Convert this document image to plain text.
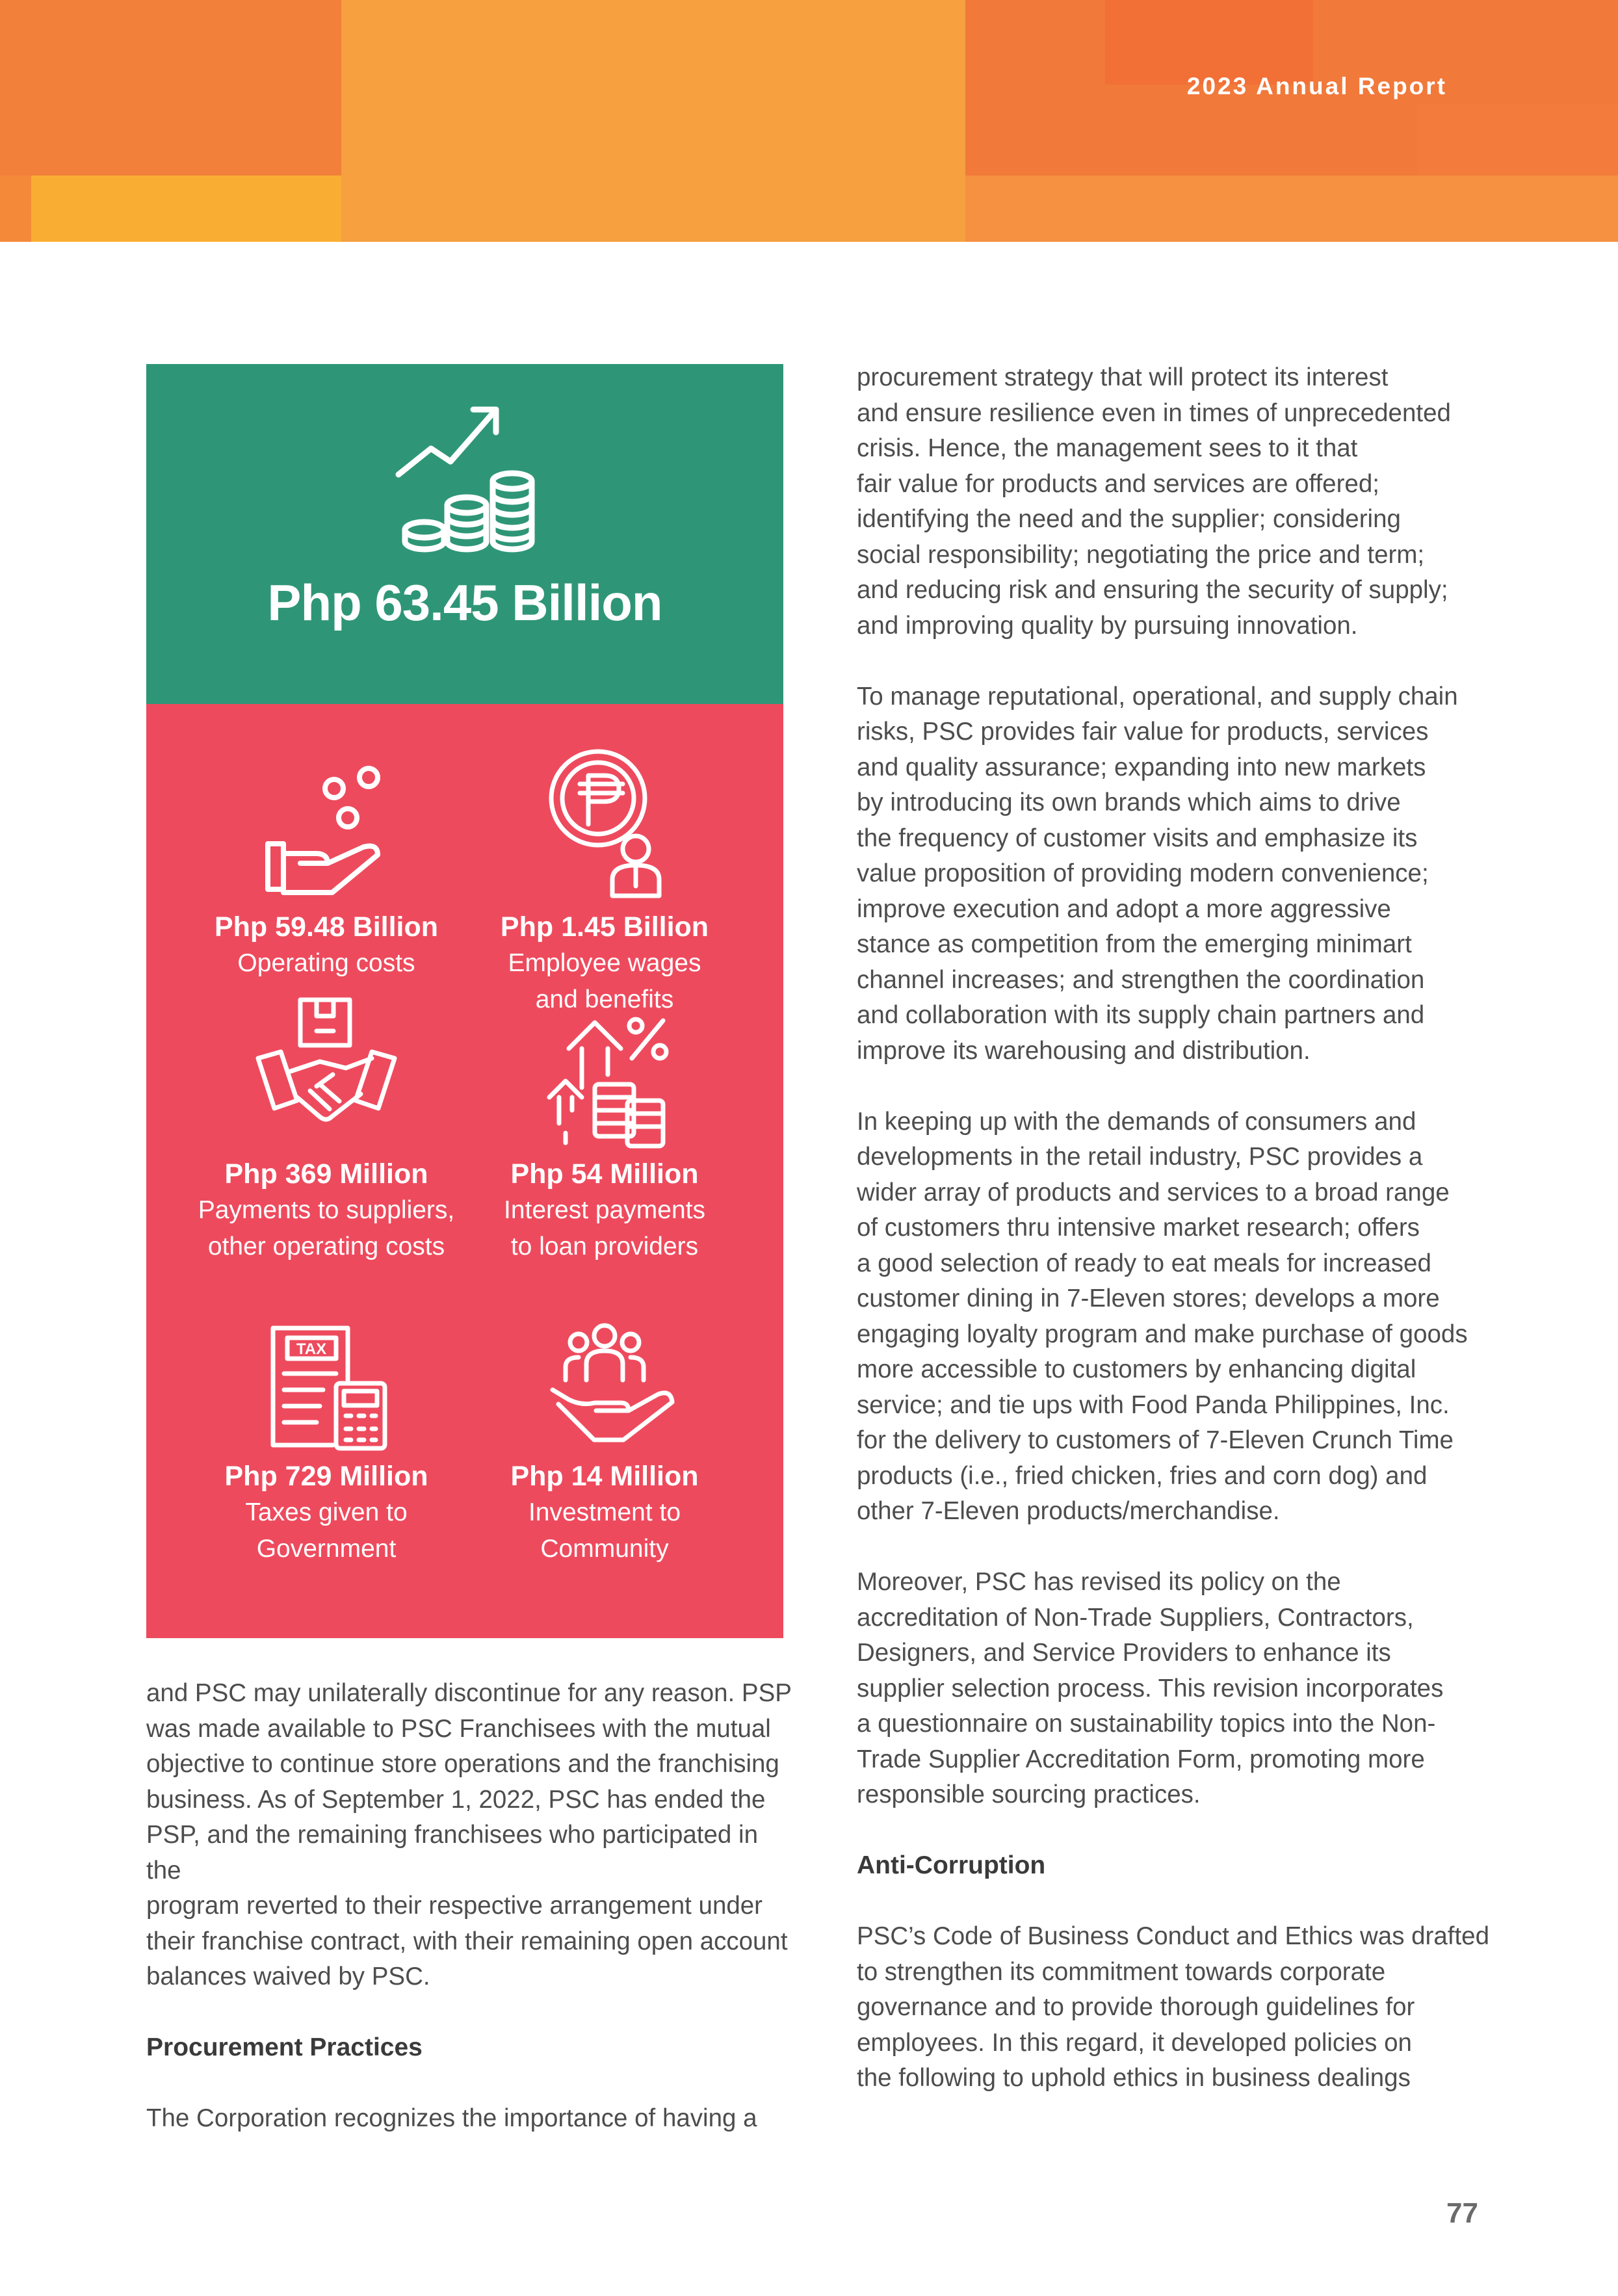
2023 Annual Report
Php 63.45 Billion
Php 59.48 Billion
Operating costs
Php 1.45 Billion
Employee wages
and benefits
Php 369 Million
Payments to suppliers,
other operating costs
Php 54 Million
Interest payments
to loan providers
TAX
Php 729 Million
Taxes given to
Government
Php 14 Million
Investment to
Community

and PSC may unilaterally discontinue for any reason. PSP
was made available to PSC Franchisees with the mutual
objective to continue store operations and the franchising
business. As of September 1, 2022, PSC has ended the
PSP, and the remaining franchisees who participated in the
program reverted to their respective arrangement under
their franchise contract, with their remaining open account
balances waived by PSC.

Procurement Practices

The Corporation recognizes the importance of having a

procurement strategy that will protect its interest
and ensure resilience even in times of unprecedented
crisis. Hence, the management sees to it that
fair value for products and services are offered;
identifying the need and the supplier; considering
social responsibility; negotiating the price and term;
and reducing risk and ensuring the security of supply;
and improving quality by pursuing innovation.

To manage reputational, operational, and supply chain
risks, PSC provides fair value for products, services
and quality assurance; expanding into new markets
by introducing its own brands which aims to drive
the frequency of customer visits and emphasize its
value proposition of providing modern convenience;
improve execution and adopt a more aggressive
stance as competition from the emerging minimart
channel increases; and strengthen the coordination
and collaboration with its supply chain partners and
improve its warehousing and distribution.

In keeping up with the demands of consumers and
developments in the retail industry, PSC provides a
wider array of products and services to a broad range
of customers thru intensive market research; offers
a good selection of ready to eat meals for increased
customer dining in 7-Eleven stores; develops a more
engaging loyalty program and make purchase of goods
more accessible to customers by enhancing digital
service; and tie ups with Food Panda Philippines, Inc.
for the delivery to customers of 7-Eleven Crunch Time
products (i.e., fried chicken, fries and corn dog) and
other 7-Eleven products/merchandise.

Moreover, PSC has revised its policy on the
accreditation of Non-Trade Suppliers, Contractors,
Designers, and Service Providers to enhance its
supplier selection process. This revision incorporates
a questionnaire on sustainability topics into the Non-
Trade Supplier Accreditation Form, promoting more
responsible sourcing practices.

Anti-Corruption

PSC’s Code of Business Conduct and Ethics was drafted
to strengthen its commitment towards corporate
governance and to provide thorough guidelines for
employees. In this regard, it developed policies on
the following to uphold ethics in business dealings

77
